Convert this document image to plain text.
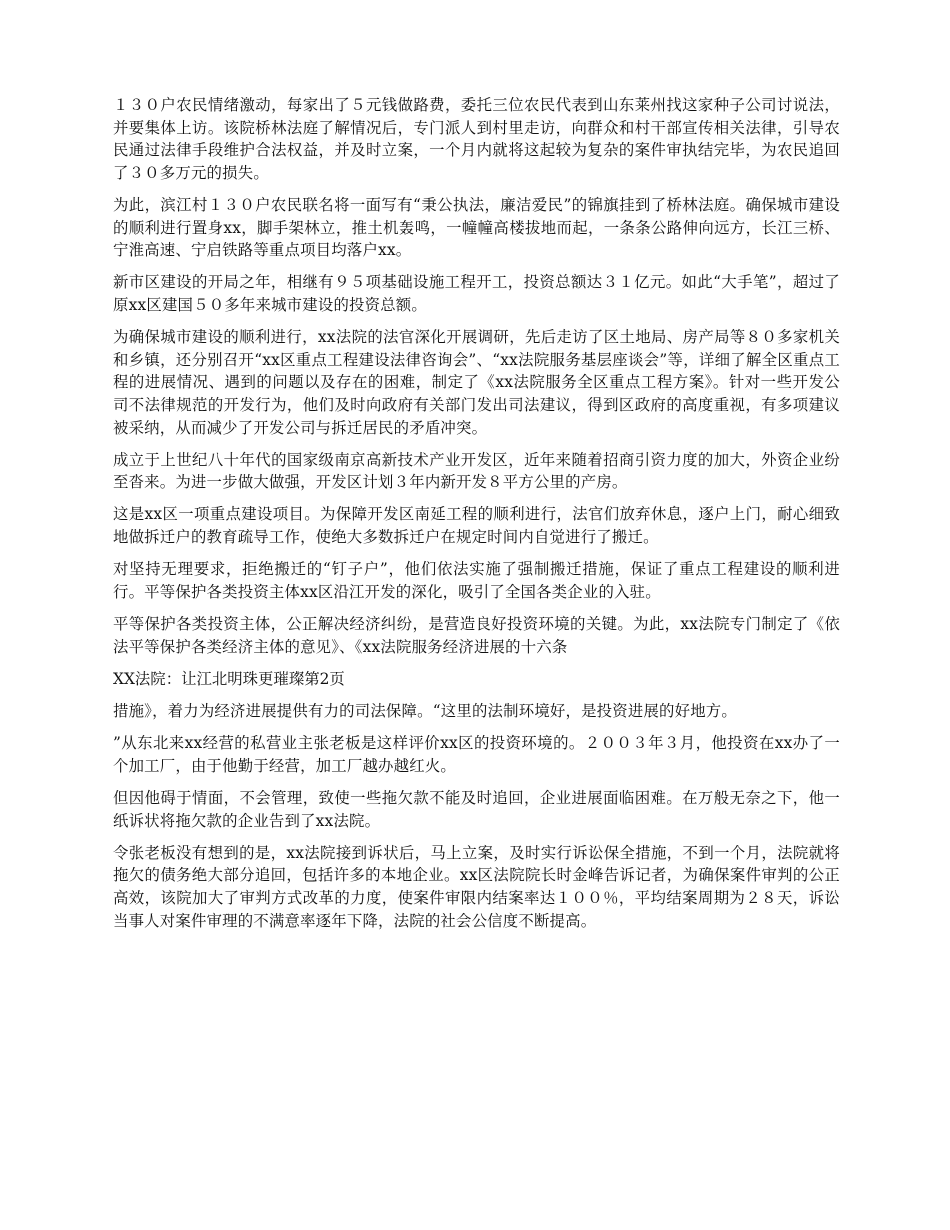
１３０户农民情绪激动，每家出了５元钱做路费，委托三位农民代表到山东莱州找这家种子公司讨说法，并要集体上访。该院桥林法庭了解情况后，专门派人到村里走访，向群众和村干部宣传相关法律，引导农民通过法律手段维护合法权益，并及时立案，一个月内就将这起较为复杂的案件审执结完毕，为农民追回了３０多万元的损失。

为此，滨江村１３０户农民联名将一面写有“秉公执法，廉洁爱民”的锦旗挂到了桥林法庭。确保城市建设的顺利进行置身xx，脚手架林立，推土机轰鸣，一幢幢高楼拔地而起，一条条公路伸向远方，长江三桥、宁淮高速、宁启铁路等重点项目均落户xx。

新市区建设的开局之年，相继有９５项基础设施工程开工，投资总额达３１亿元。如此“大手笔”，超过了原xx区建国５０多年来城市建设的投资总额。

为确保城市建设的顺利进行，xx法院的法官深化开展调研，先后走访了区土地局、房产局等８０多家机关和乡镇，还分别召开“xx区重点工程建设法律咨询会”、“xx法院服务基层座谈会”等，详细了解全区重点工程的进展情况、遇到的问题以及存在的困难，制定了《xx法院服务全区重点工程方案》。针对一些开发公司不法律规范的开发行为，他们及时向政府有关部门发出司法建议，得到区政府的高度重视，有多项建议被采纳，从而减少了开发公司与拆迁居民的矛盾冲突。

成立于上世纪八十年代的国家级南京高新技术产业开发区，近年来随着招商引资力度的加大，外资企业纷至沓来。为进一步做大做强，开发区计划３年内新开发８平方公里的产房。

这是xx区一项重点建设项目。为保障开发区南延工程的顺利进行，法官们放弃休息，逐户上门，耐心细致地做拆迁户的教育疏导工作，使绝大多数拆迁户在规定时间内自觉进行了搬迁。

对坚持无理要求，拒绝搬迁的“钉子户”，他们依法实施了强制搬迁措施，保证了重点工程建设的顺利进行。平等保护各类投资主体xx区沿江开发的深化，吸引了全国各类企业的入驻。

平等保护各类投资主体，公正解决经济纠纷，是营造良好投资环境的关键。为此，xx法院专门制定了《依法平等保护各类经济主体的意见》、《xx法院服务经济进展的十六条

XX法院：让江北明珠更璀璨第2页

措施》，着力为经济进展提供有力的司法保障。“这里的法制环境好，是投资进展的好地方。

”从东北来xx经营的私营业主张老板是这样评价xx区的投资环境的。２００３年３月，他投资在xx办了一个加工厂，由于他勤于经营，加工厂越办越红火。

但因他碍于情面，不会管理，致使一些拖欠款不能及时追回，企业进展面临困难。在万般无奈之下，他一纸诉状将拖欠款的企业告到了xx法院。

令张老板没有想到的是，xx法院接到诉状后，马上立案，及时实行诉讼保全措施，不到一个月，法院就将拖欠的债务绝大部分追回，包括许多的本地企业。xx区法院院长时金峰告诉记者，为确保案件审判的公正高效，该院加大了审判方式改革的力度，使案件审限内结案率达１００％，平均结案周期为２８天，诉讼当事人对案件审理的不满意率逐年下降，法院的社会公信度不断提高。
